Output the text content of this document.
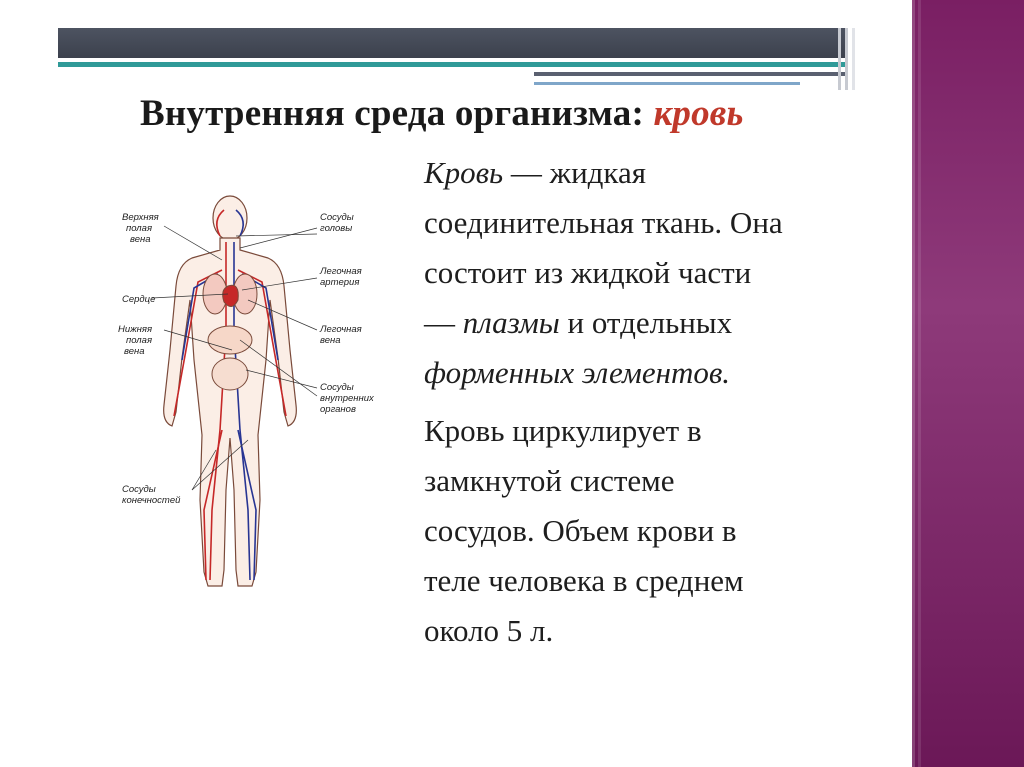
Внутренняя среда организма: кровь
Кровь — жидкая
соединительная ткань. Она
состоит из жидкой части
— плазмы и отдельных
форменных элементов.
Кровь циркулирует в
замкнутой системе
сосудов. Объем крови в
теле человека в среднем
около 5 л.
Верхняя полая вена
Сосуды головы
Легочная артерия
Сердце
Нижняя полая вена
Легочная вена
Сосуды внутренних органов
Сосуды конечностей
